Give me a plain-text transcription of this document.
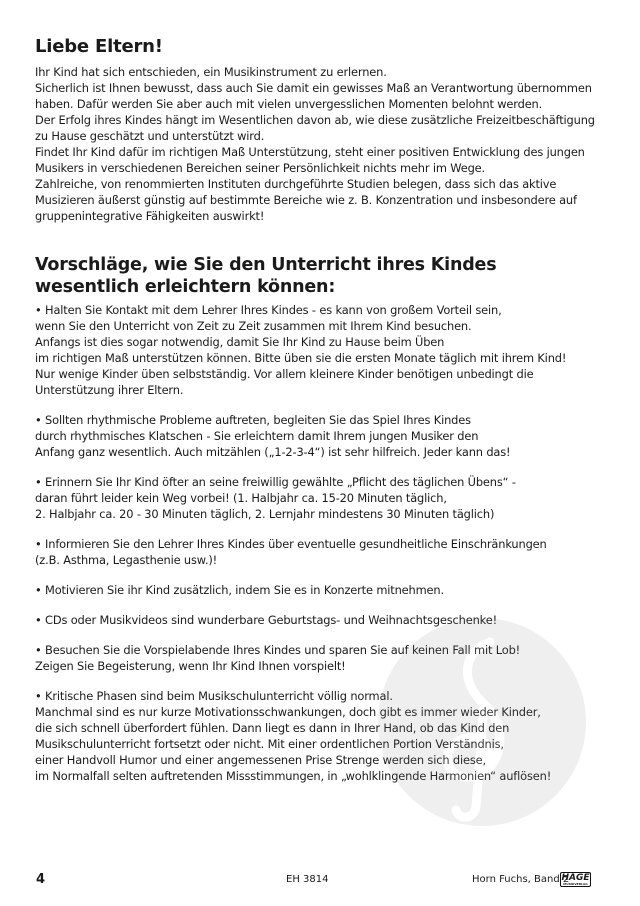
Liebe Eltern!

Ihr Kind hat sich entschieden, ein Musikinstrument zu erlernen.

Sicherlich ist Ihnen bewusst, dass auch Sie damit ein gewisses Maß an Verantwortung übernommen haben. Dafür werden Sie aber auch mit vielen unvergesslichen Momenten belohnt werden.

Der Erfolg ihres Kindes hängt im Wesentlichen davon ab, wie diese zusätzliche Freizeitbeschäftigung zu Hause geschätzt und unterstützt wird.

Findet Ihr Kind dafür im richtigen Maß Unterstützung, steht einer positiven Entwicklung des jungen Musikers in verschiedenen Bereichen seiner Persönlichkeit nichts mehr im Wege.

Zahlreiche, von renommierten Instituten durchgeführte Studien belegen, dass sich das aktive Musizieren äußerst günstig auf bestimmte Bereiche wie z. B. Konzentration und insbesondere auf gruppenintegrative Fähigkeiten auswirkt!

Vorschläge, wie Sie den Unterricht ihres Kindes wesentlich erleichtern können:

• Halten Sie Kontakt mit dem Lehrer Ihres Kindes - es kann von großem Vorteil sein,

wenn Sie den Unterricht von Zeit zu Zeit zusammen mit Ihrem Kind besuchen.

Anfangs ist dies sogar notwendig, damit Sie Ihr Kind zu Hause beim Üben

im richtigen Maß unterstützen können. Bitte üben sie die ersten Monate täglich mit ihrem Kind!

Nur wenige Kinder üben selbstständig. Vor allem kleinere Kinder benötigen unbedingt die

Unterstützung ihrer Eltern.

• Sollten rhythmische Probleme auftreten, begleiten Sie das Spiel Ihres Kindes

durch rhythmisches Klatschen - Sie erleichtern damit Ihrem jungen Musiker den

Anfang ganz wesentlich. Auch mitzählen („1-2-3-4“) ist sehr hilfreich. Jeder kann das!

• Erinnern Sie Ihr Kind öfter an seine freiwillig gewählte „Pflicht des täglichen Übens“ -

daran führt leider kein Weg vorbei! (1. Halbjahr ca. 15-20 Minuten täglich,

2. Halbjahr ca. 20 - 30 Minuten täglich, 2. Lernjahr mindestens 30 Minuten täglich)

• Informieren Sie den Lehrer Ihres Kindes über eventuelle gesundheitliche Einschränkungen

(z.B. Asthma, Legasthenie usw.)!

• Motivieren Sie ihr Kind zusätzlich, indem Sie es in Konzerte mitnehmen.

• CDs oder Musikvideos sind wunderbare Geburtstags- und Weihnachtsgeschenke!

• Besuchen Sie die Vorspielabende Ihres Kindes und sparen Sie auf keinen Fall mit Lob!

Zeigen Sie Begeisterung, wenn Ihr Kind Ihnen vorspielt!

• Kritische Phasen sind beim Musikschulunterricht völlig normal.

Manchmal sind es nur kurze Motivationsschwankungen, doch gibt es immer wieder Kinder,

die sich schnell überfordert fühlen. Dann liegt es dann in Ihrer Hand, ob das Kind den

Musikschulunterricht fortsetzt oder nicht. Mit einer ordentlichen Portion Verständnis,

einer Handvoll Humor und einer angemessenen Prise Strenge werden sich diese,

im Normalfall selten auftretenden Missstimmungen, in „wohlklingende Harmonien“ auflösen!

4	EH 3814	Horn Fuchs, Band 2
HAGE
MUSIKVERLAG
